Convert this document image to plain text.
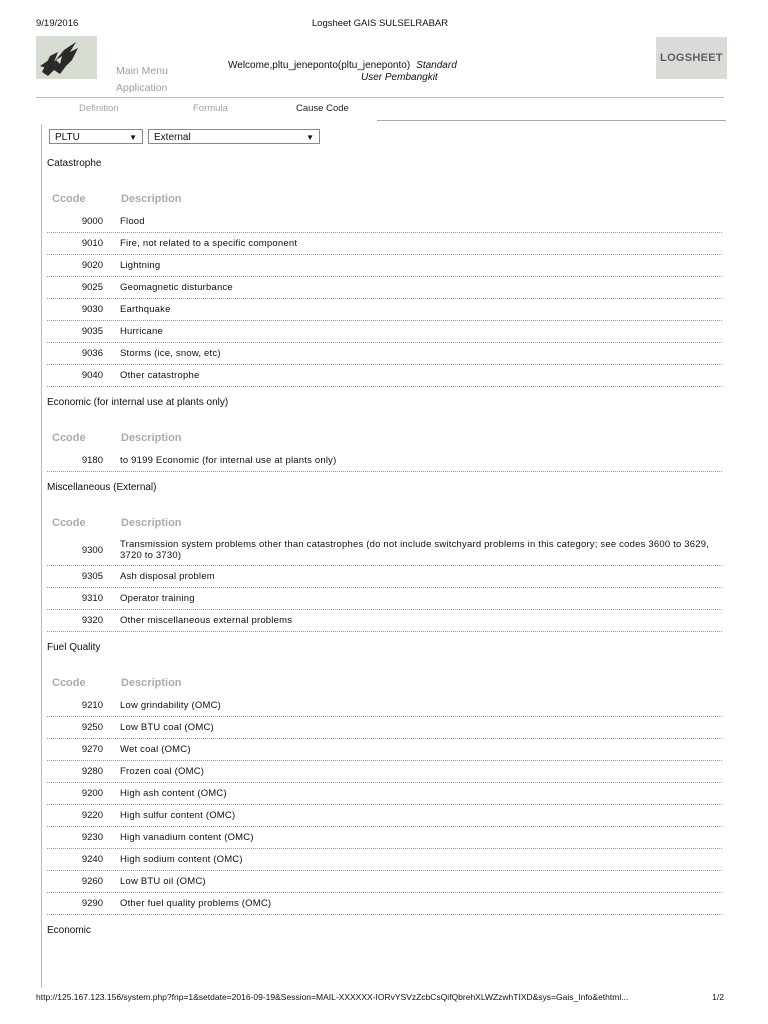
9/19/2016	Logsheet GAIS SULSELRABAR
Main Menu
Application
Welcome,pltu_jeneponto(pltu_jeneponto) Standard
User Pembangkit
LOGSHEET
Definition	Formula	Cause Code
PLTU	▼	External	▼
Catastrophe
Ccode	Description
9000	Flood
9010	Fire, not related to a specific component
9020	Lightning
9025	Geomagnetic disturbance
9030	Earthquake
9035	Hurricane
9036	Storms (ice, snow, etc)
9040	Other catastrophe
Economic (for internal use at plants only)
Ccode	Description
9180	to 9199 Economic (for internal use at plants only)
Miscellaneous (External)
Ccode	Description
9300	Transmission system problems other than catastrophes (do not include switchyard problems in this category; see codes 3600 to 3629, 3720 to 3730)
9305	Ash disposal problem
9310	Operator training
9320	Other miscellaneous external problems
Fuel Quality
Ccode	Description
9210	Low grindability (OMC)
9250	Low BTU coal (OMC)
9270	Wet coal (OMC)
9280	Frozen coal (OMC)
9200	High ash content (OMC)
9220	High sulfur content (OMC)
9230	High vanadium content (OMC)
9240	High sodium content (OMC)
9260	Low BTU oil (OMC)
9290	Other fuel quality problems (OMC)
Economic
http://125.167.123.156/system.php?fnp=1&setdate=2016-09-19&Session=MAIL-XXXXXX-IORvYSVzZcbCsQifQbrehXLWZzwhTIXD&sys=Gais_Info&ethtml...	1/2
